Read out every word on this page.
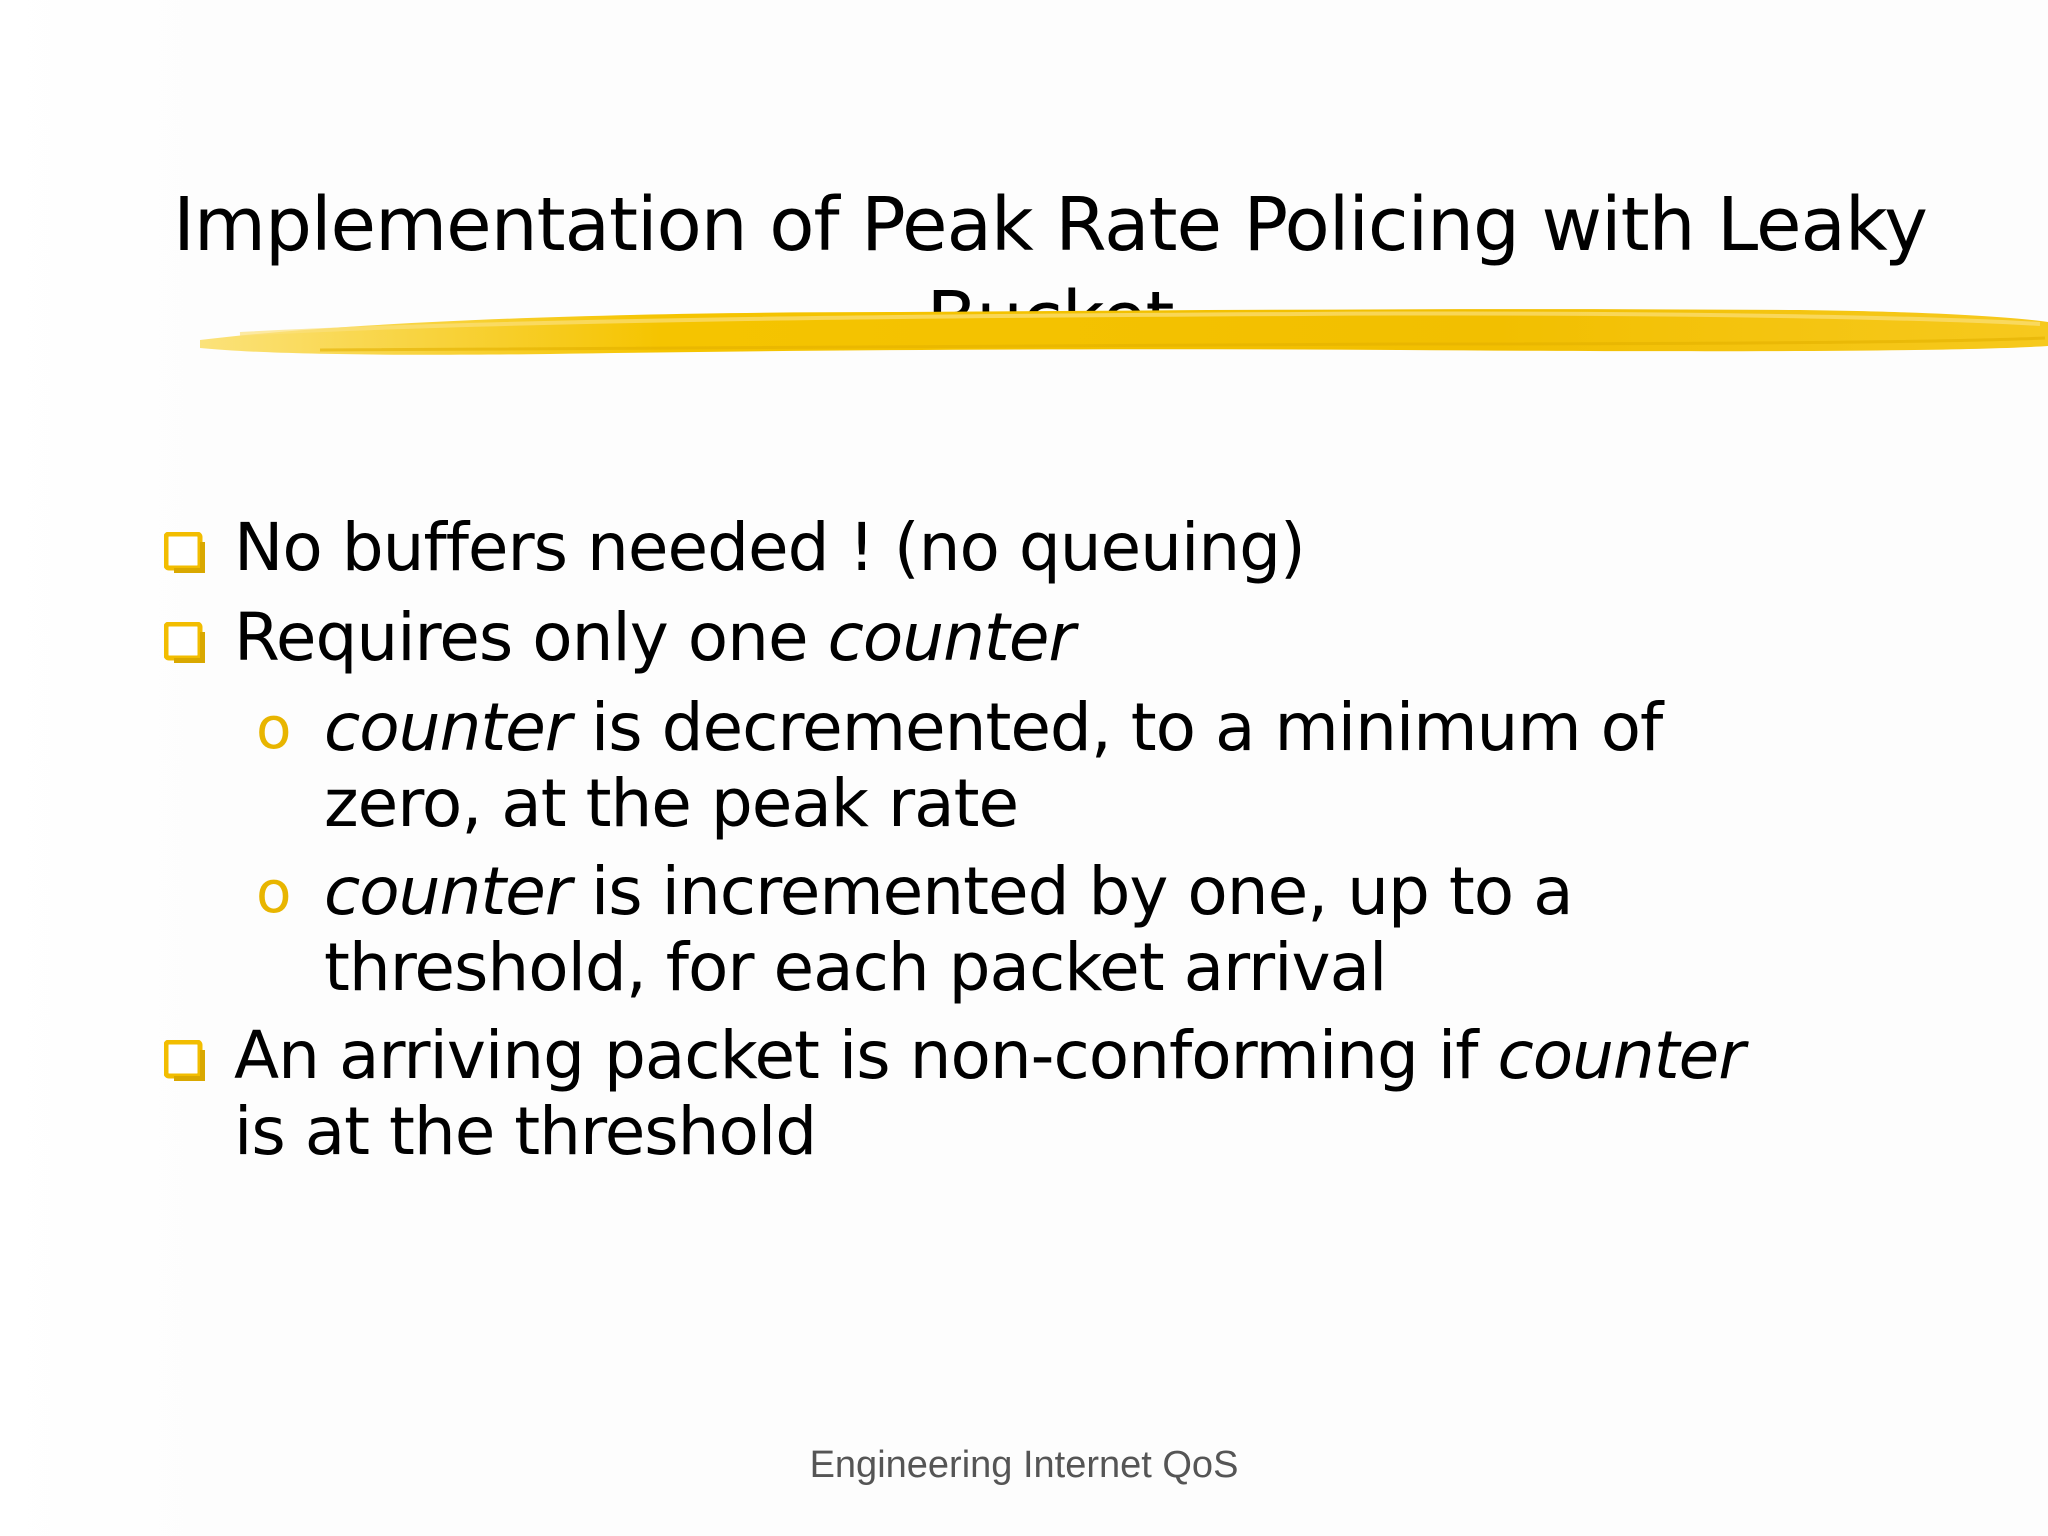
Implementation of Peak Rate Policing with Leaky
No buffers needed ! (no queuing)
Requires only one counter
o counter is decremented, to a minimum of zero, at the peak rate
o counter is incremented by one, up to a threshold, for each packet arrival
An arriving packet is non-conforming if counter is at the threshold
Engineering Internet QoS
